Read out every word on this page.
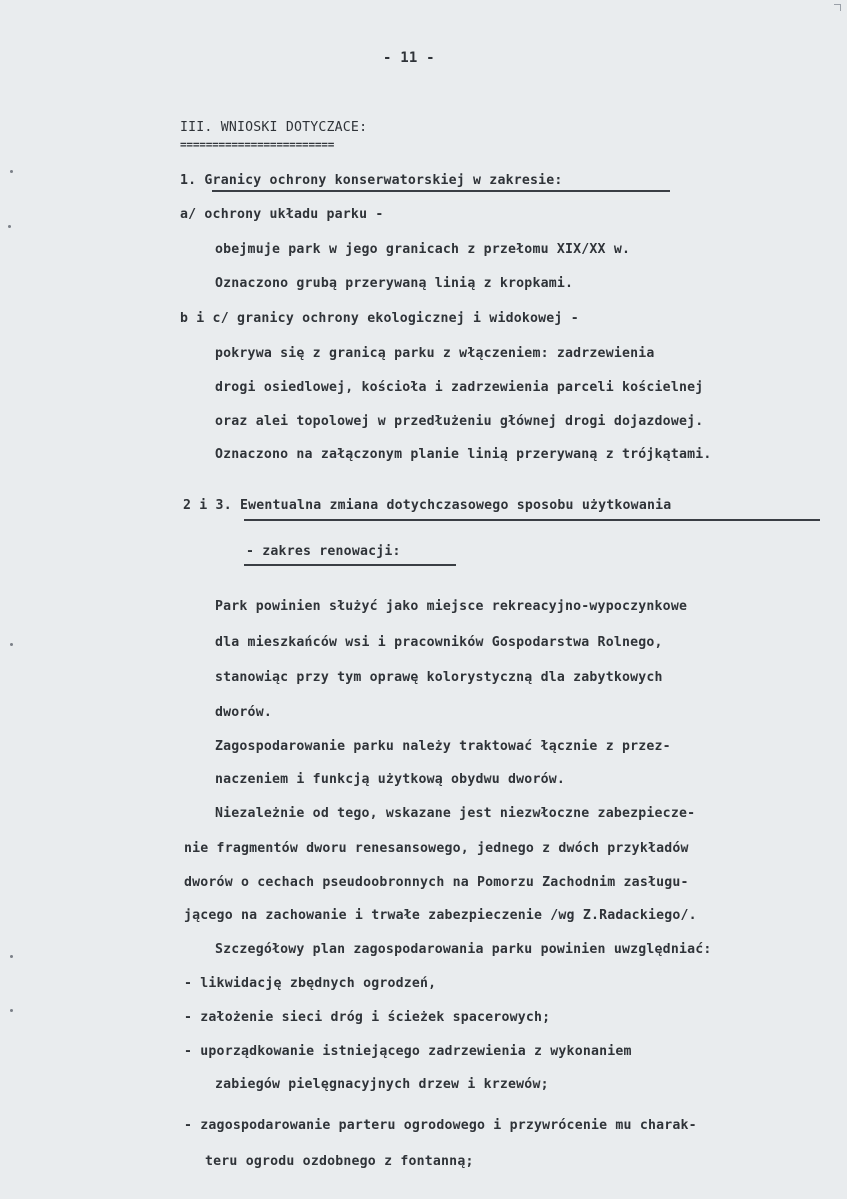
- 11 -
III. WNIOSKI DOTYCZACE:
========================
1. Granicy ochrony konserwatorskiej w zakresie:
a/ ochrony układu parku -
obejmuje park w jego granicach z przełomu XIX/XX w.
Oznaczono grubą przerywaną linią z kropkami.
b i c/ granicy ochrony ekologicznej i widokowej -
pokrywa się z granicą parku z włączeniem: zadrzewienia
drogi osiedlowej, kościoła i zadrzewienia parceli kościelnej
oraz alei topolowej w przedłużeniu głównej drogi dojazdowej.
Oznaczono na załączonym planie linią przerywaną z trójkątami.
2 i 3. Ewentualna zmiana dotychczasowego sposobu użytkowania
- zakres renowacji:
Park powinien służyć jako miejsce rekreacyjno-wypoczynkowe
dla mieszkańców wsi i pracowników Gospodarstwa Rolnego,
stanowiąc przy tym oprawę kolorystyczną dla zabytkowych
dworów.
Zagospodarowanie parku należy traktować łącznie z przez-
naczeniem i funkcją użytkową obydwu dworów.
Niezależnie od tego, wskazane jest niezwłoczne zabezpiecze-
nie fragmentów dworu renesansowego, jednego z dwóch przykładów
dworów o cechach pseudoobronnych na Pomorzu Zachodnim zasługu-
jącego na zachowanie i trwałe zabezpieczenie /wg Z.Radackiego/.
Szczegółowy plan zagospodarowania parku powinien uwzględniać:
- likwidację zbędnych ogrodzeń,
- założenie sieci dróg i ścieżek spacerowych;
- uporządkowanie istniejącego zadrzewienia z wykonaniem
zabiegów pielęgnacyjnych drzew i krzewów;
- zagospodarowanie parteru ogrodowego i przywrócenie mu charak-
teru ogrodu ozdobnego z fontanną;
